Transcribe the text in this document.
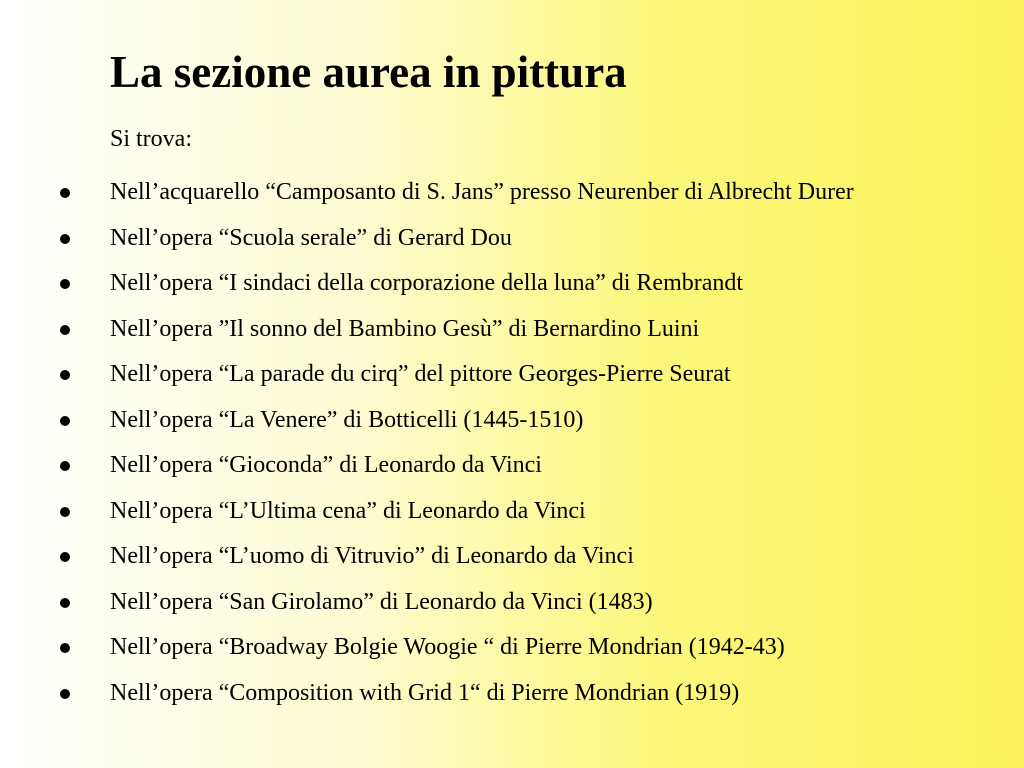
La sezione aurea in pittura
Si trova:
Nell’acquarello “Camposanto di S. Jans” presso Neurenber di Albrecht Durer
Nell’opera “Scuola serale” di Gerard Dou
Nell’opera “I sindaci della corporazione della luna” di Rembrandt
Nell’opera ”Il sonno del Bambino Gesù” di Bernardino Luini
Nell’opera “La parade du cirq” del pittore Georges-Pierre Seurat
Nell’opera “La Venere” di Botticelli (1445-1510)
Nell’opera “Gioconda” di Leonardo da Vinci
Nell’opera “L’Ultima cena” di Leonardo da Vinci
Nell’opera “L’uomo di Vitruvio” di Leonardo da Vinci
Nell’opera “San Girolamo” di Leonardo da Vinci (1483)
Nell’opera “Broadway Bolgie Woogie “ di Pierre Mondrian (1942-43)
Nell’opera “Composition with Grid 1“ di Pierre Mondrian (1919)
